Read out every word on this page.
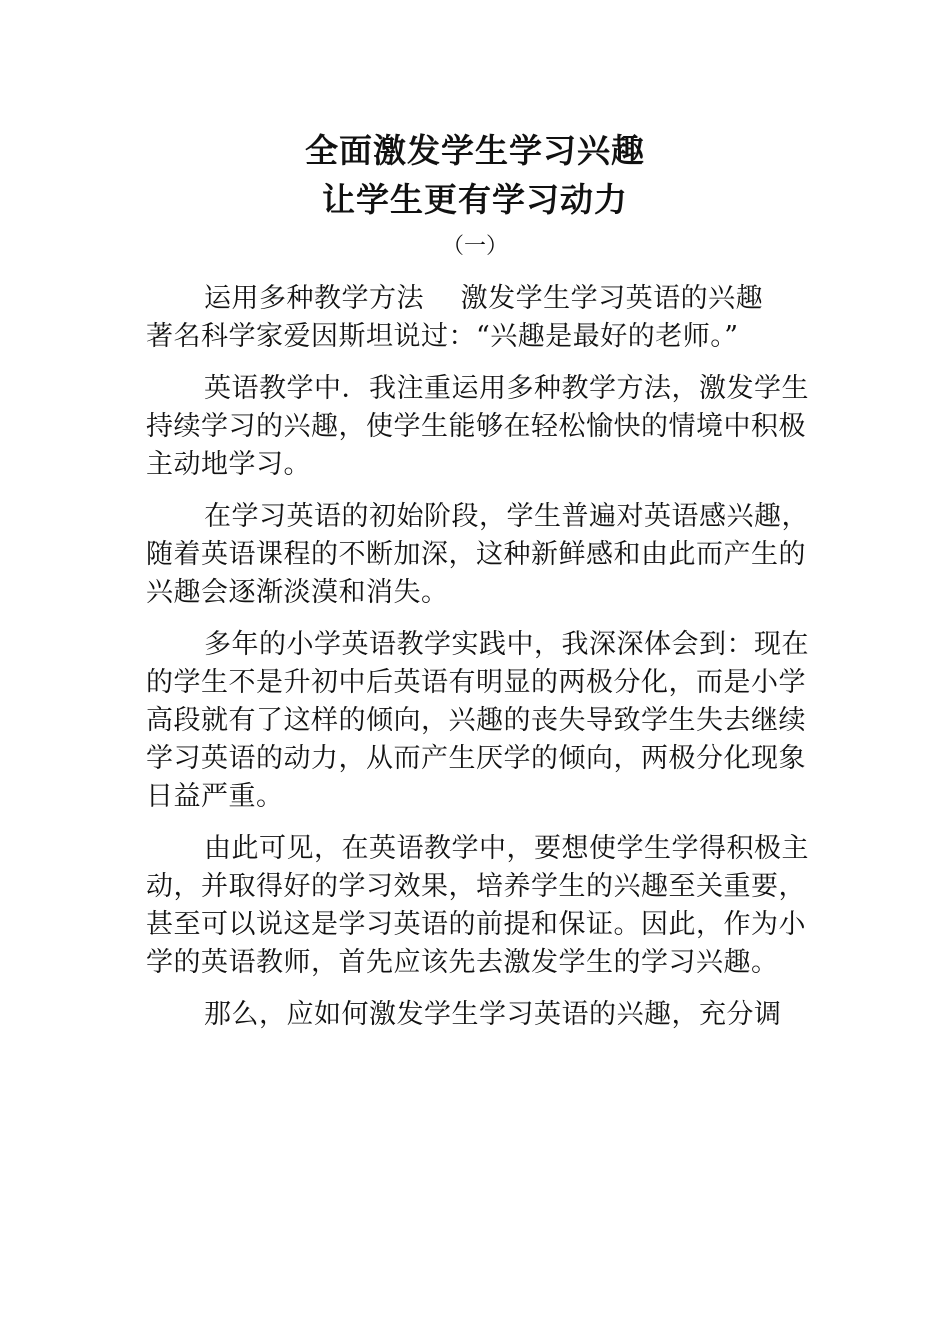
全面激发学生学习兴趣
让学生更有学习动力
（一）

运用多种教学方法　 激发学生学习英语的兴趣

著名科学家爱因斯坦说过：“兴趣是最好的老师。”

英语教学中．我注重运用多种教学方法，激发学生持续学习的兴趣，使学生能够在轻松愉快的情境中积极主动地学习。

在学习英语的初始阶段，学生普遍对英语感兴趣，随着英语课程的不断加深，这种新鲜感和由此而产生的兴趣会逐渐淡漠和消失。

多年的小学英语教学实践中，我深深体会到：现在的学生不是升初中后英语有明显的两极分化，而是小学高段就有了这样的倾向，兴趣的丧失导致学生失去继续学习英语的动力，从而产生厌学的倾向，两极分化现象日益严重。

由此可见，在英语教学中，要想使学生学得积极主动，并取得好的学习效果，培养学生的兴趣至关重要，甚至可以说这是学习英语的前提和保证。因此，作为小学的英语教师，首先应该先去激发学生的学习兴趣。

那么，应如何激发学生学习英语的兴趣，充分调
